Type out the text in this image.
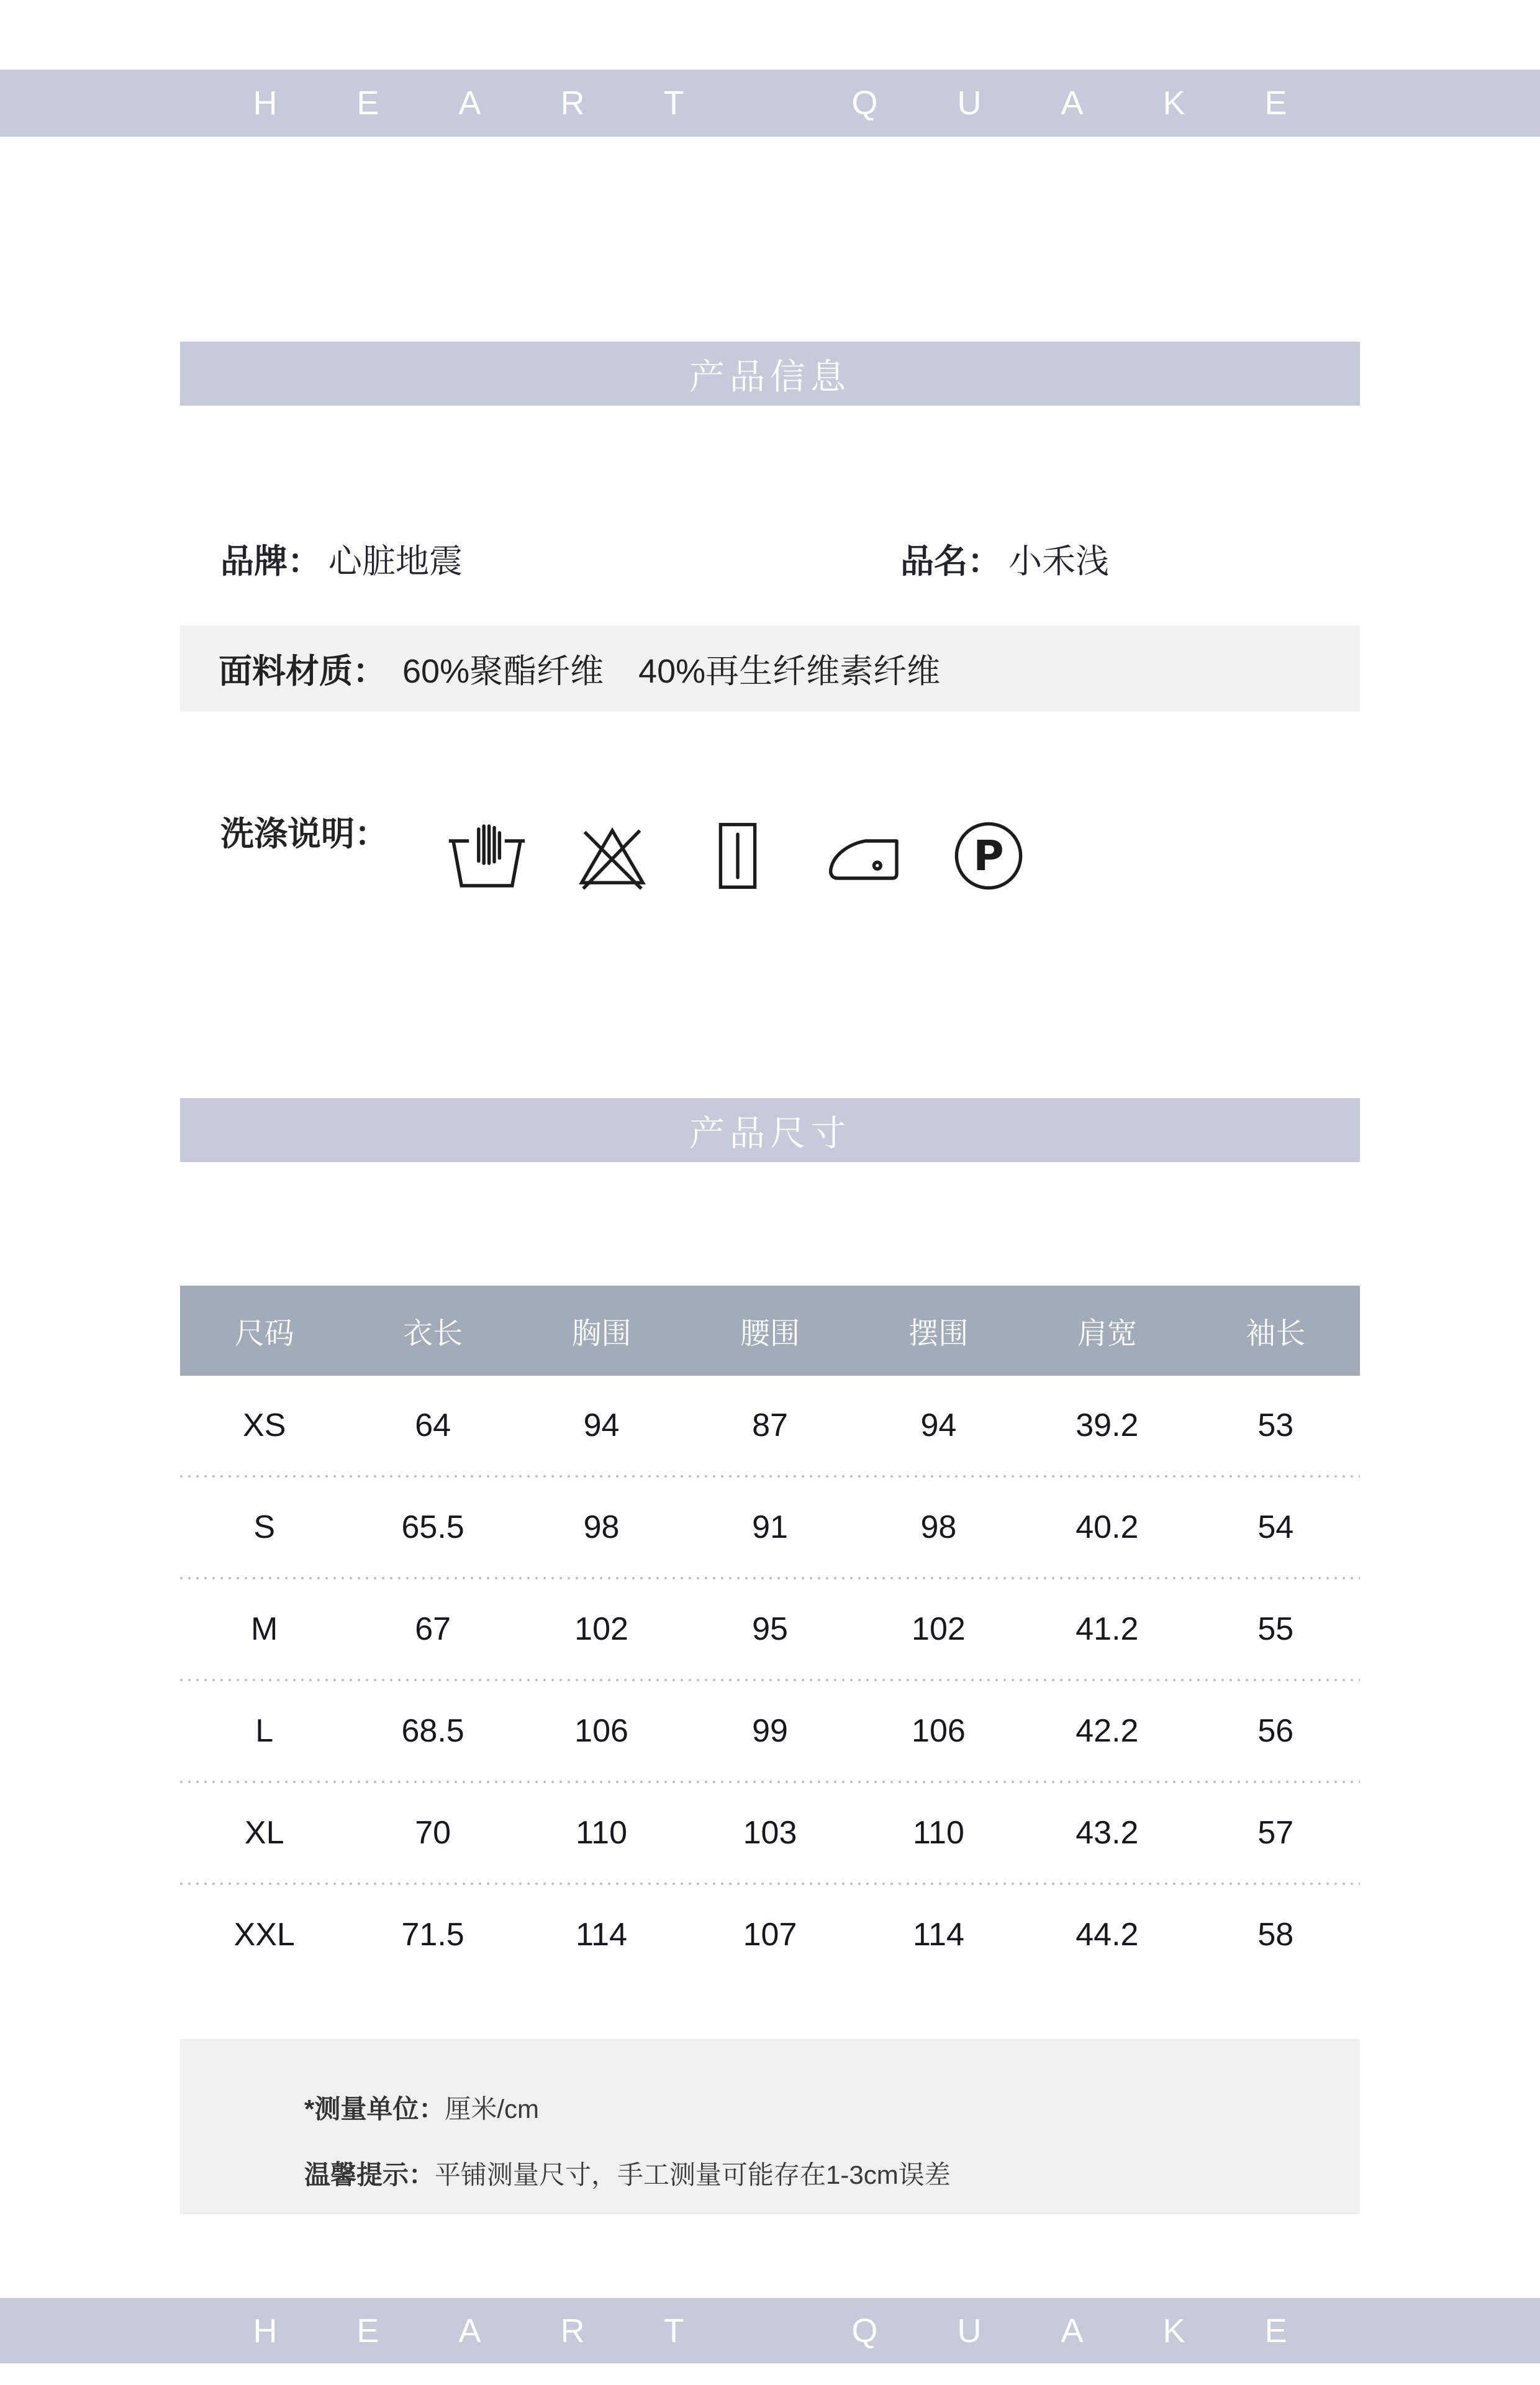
HEART QUAKE
产品信息
品牌： 心脏地震	品名： 小禾浅
面料材质： 60%聚酯纤维 40%再生纤维素纤维
洗涤说明：	P
产品尺寸
尺码	衣长	胸围	腰围	摆围	肩宽	袖长
XS	64	94	87	94	39.2	53
S	65.5	98	91	98	40.2	54
M	67	102	95	102	41.2	55
L	68.5	106	99	106	42.2	56
XL	70	110	103	110	43.2	57
XXL	71.5	114	107	114	44.2	58

*测量单位：厘米/cm

温馨提示：平铺测量尺寸，手工测量可能存在1-3cm误差

HEART QUAKE
HEART QUAKE
